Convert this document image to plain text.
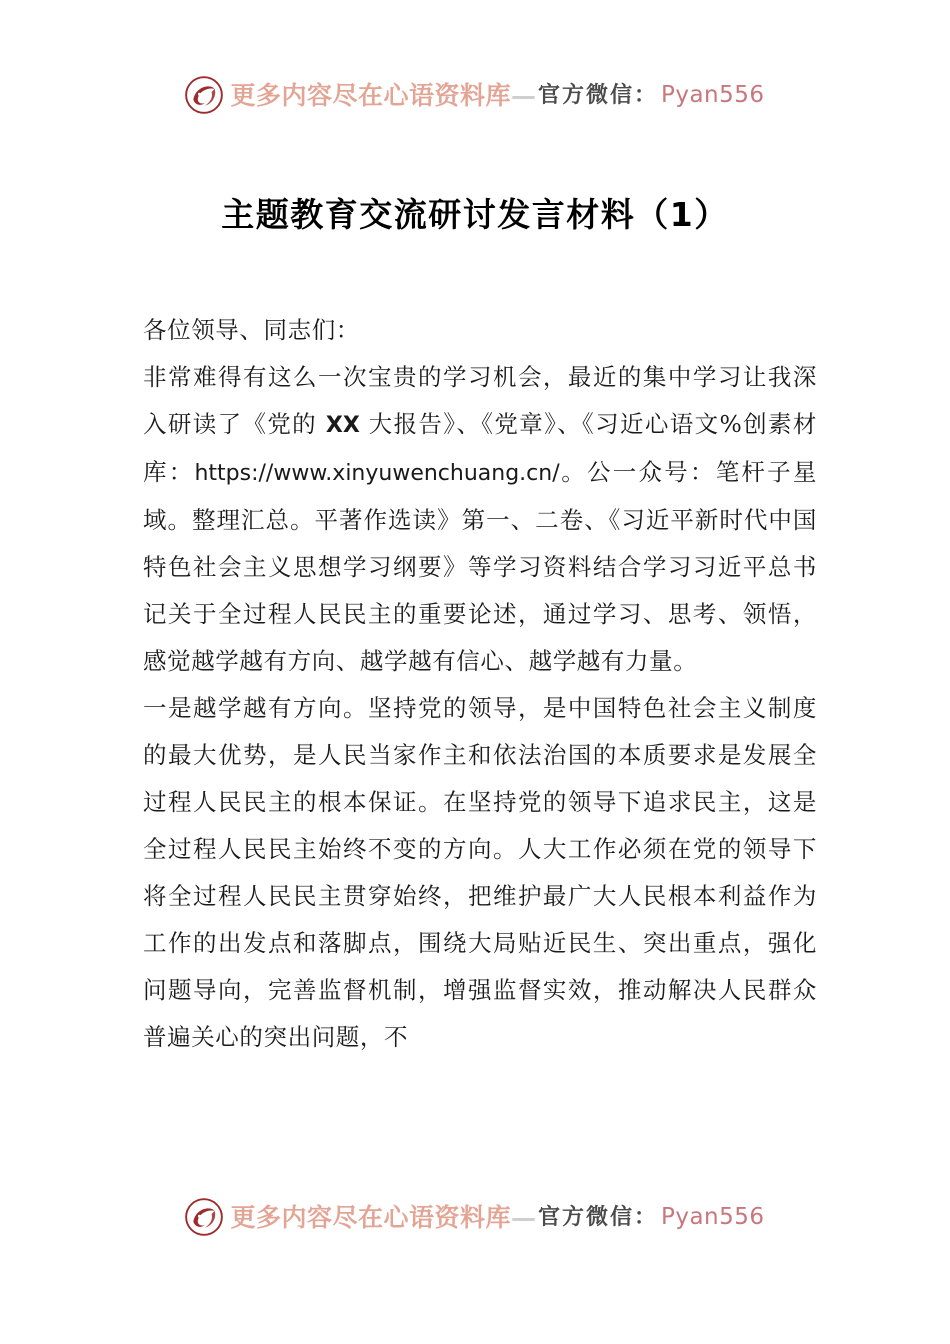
更多内容尽在心语资料库 — 官方微信： Pyan556
主题教育交流研讨发言材料（1）

各位领导、同志们：

非常难得有这么一次宝贵的学习机会，最近的集中学习让我深入研读了《党的 XX 大报告》、《党章》、《习近心语文%创素材库：https://www.xinyuwenchuang.cn/。公一众号：笔杆子星域。整理汇总。平著作选读》第一、二卷、《习近平新时代中国特色社会主义思想学习纲要》等学习资料结合学习习近平总书记关于全过程人民民主的重要论述，通过学习、思考、领悟，感觉越学越有方向、越学越有信心、越学越有力量。

一是越学越有方向。坚持党的领导，是中国特色社会主义制度的最大优势，是人民当家作主和依法治国的本质要求是发展全过程人民民主的根本保证。在坚持党的领导下追求民主，这是全过程人民民主始终不变的方向。人大工作必须在党的领导下将全过程人民民主贯穿始终，把维护最广大人民根本利益作为工作的出发点和落脚点，围绕大局贴近民生、突出重点，强化问题导向，完善监督机制，增强监督实效，推动解决人民群众普遍关心的突出问题，不

更多内容尽在心语资料库 — 官方微信： Pyan556
